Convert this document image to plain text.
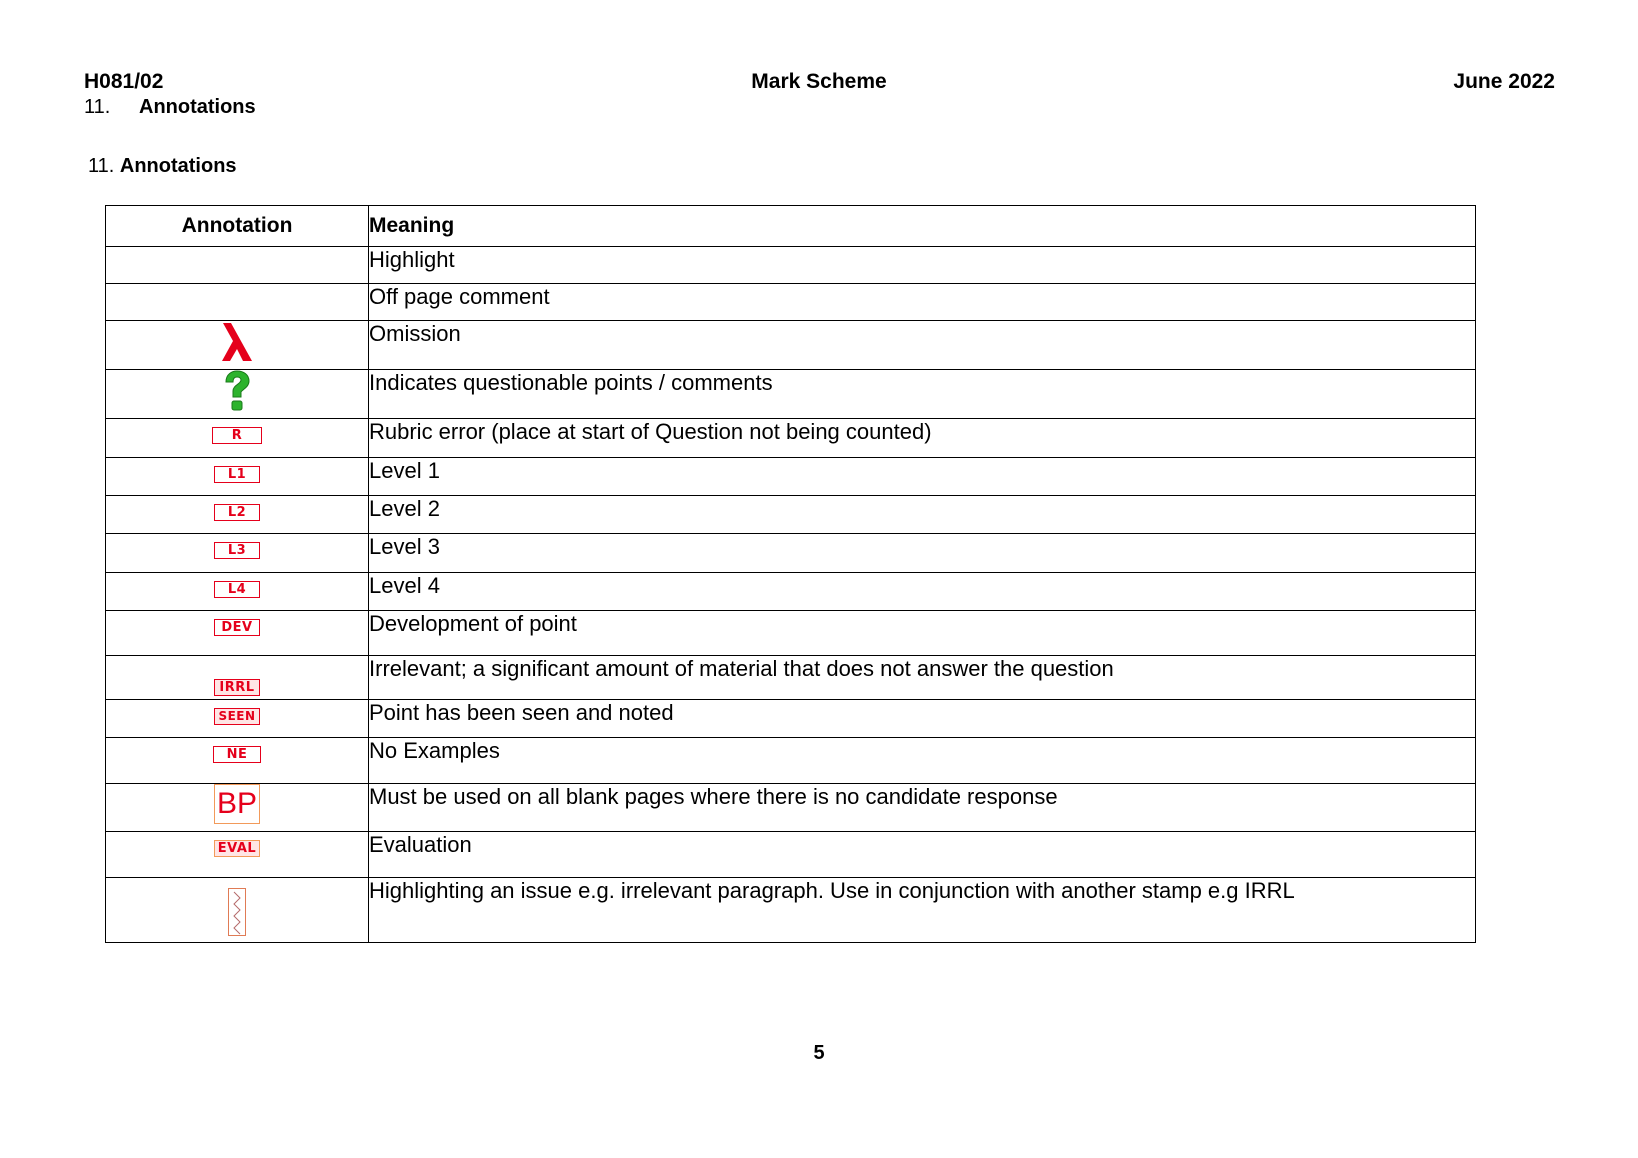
Mark Scheme
H081/02	June 2022
11. Annotations
11. Annotations
Annotation	Meaning
	Highlight
	Off page comment
	Omission
	Indicates questionable points / comments
R	Rubric error (place at start of Question not being counted)
L1	Level 1
L2	Level 2
L3	Level 3
L4	Level 4
DEV	Development of point
IRRL	Irrelevant; a significant amount of material that does not answer the question
SEEN	Point has been seen and noted
NE	No Examples
BP	Must be used on all blank pages where there is no candidate response
EVAL	Evaluation
	Highlighting an issue e.g. irrelevant paragraph. Use in conjunction with another stamp e.g IRRL
5
